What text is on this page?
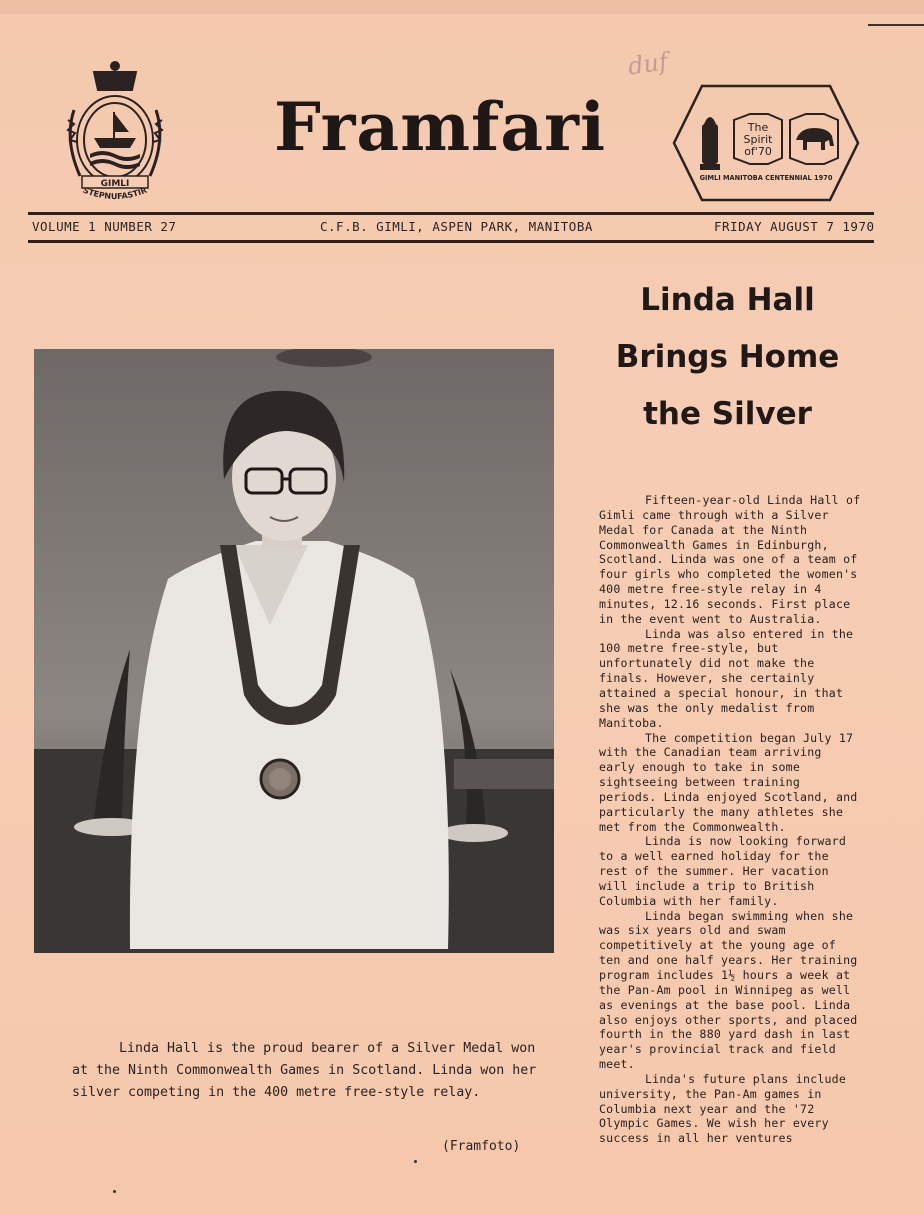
GIMLI
STEPNUFASTIR
Framfari
duf
The
Spirit
of'70
GIMLI MANITOBA CENTENNIAL 1970
VOLUME 1 NUMBER 27	C.F.B. GIMLI, ASPEN PARK, MANITOBA	FRIDAY AUGUST 7 1970
Linda Hall
Brings Home
the Silver
Linda Hall is the proud bearer of a Silver Medal won at the Ninth Commonwealth Games in Scotland. Linda won her silver competing in the 400 metre free-style relay.
(Framfoto)

Fifteen-year-old Linda Hall of Gimli came through with a Silver Medal for Canada at the Ninth Commonwealth Games in Edinburgh, Scotland. Linda was one of a team of four girls who completed the women's 400 metre free-style relay in 4 minutes, 12.16 seconds. First place in the event went to Australia.

Linda was also entered in the 100 metre free-style, but unfortunately did not make the finals. However, she certainly attained a special honour, in that she was the only medalist from Manitoba.

The competition began July 17 with the Canadian team arriving early enough to take in some sightseeing between training periods. Linda enjoyed Scotland, and particularly the many athletes she met from the Commonwealth.

Linda is now looking forward to a well earned holiday for the rest of the summer. Her vacation will include a trip to British Columbia with her family.

Linda began swimming when she was six years old and swam competitively at the young age of ten and one half years. Her training program includes 1½ hours a week at the Pan-Am pool in Winnipeg as well as evenings at the base pool. Linda also enjoys other sports, and placed fourth in the 880 yard dash in last year's provincial track and field meet.

Linda's future plans include university, the Pan-Am games in Columbia next year and the '72 Olympic Games. We wish her every success in all her ventures
